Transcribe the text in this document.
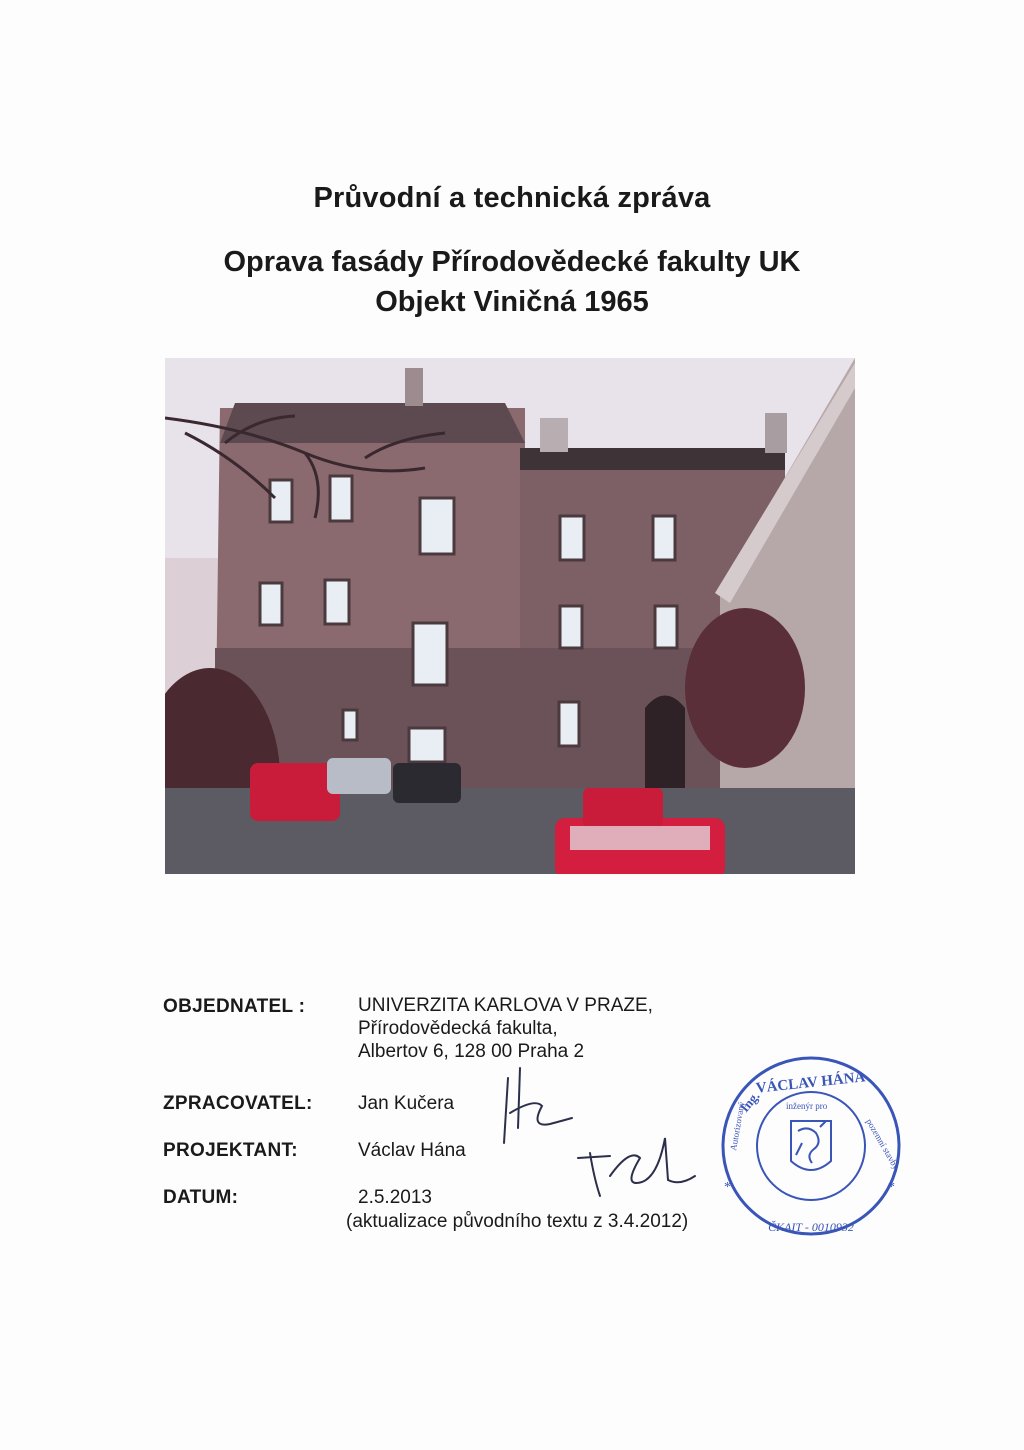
Průvodní a technická zpráva
Oprava fasády Přírodovědecké fakulty UK
Objekt Viničná 1965
OBJEDNATEL :	UNIVERZITA KARLOVA V PRAZE,
Přírodovědecká fakulta,
Albertov 6, 128 00 Praha 2
ZPRACOVATEL: Jan Kučera
PROJEKTANT:	Václav Hána
DATUM:	2.5.2013
(aktualizace původního textu z 3.4.2012)
VÁCLAV HÁNA
Ing.
ČKAIT - 0010932
Autorizovaný	pozemní stavby
inženýr pro
*	*
